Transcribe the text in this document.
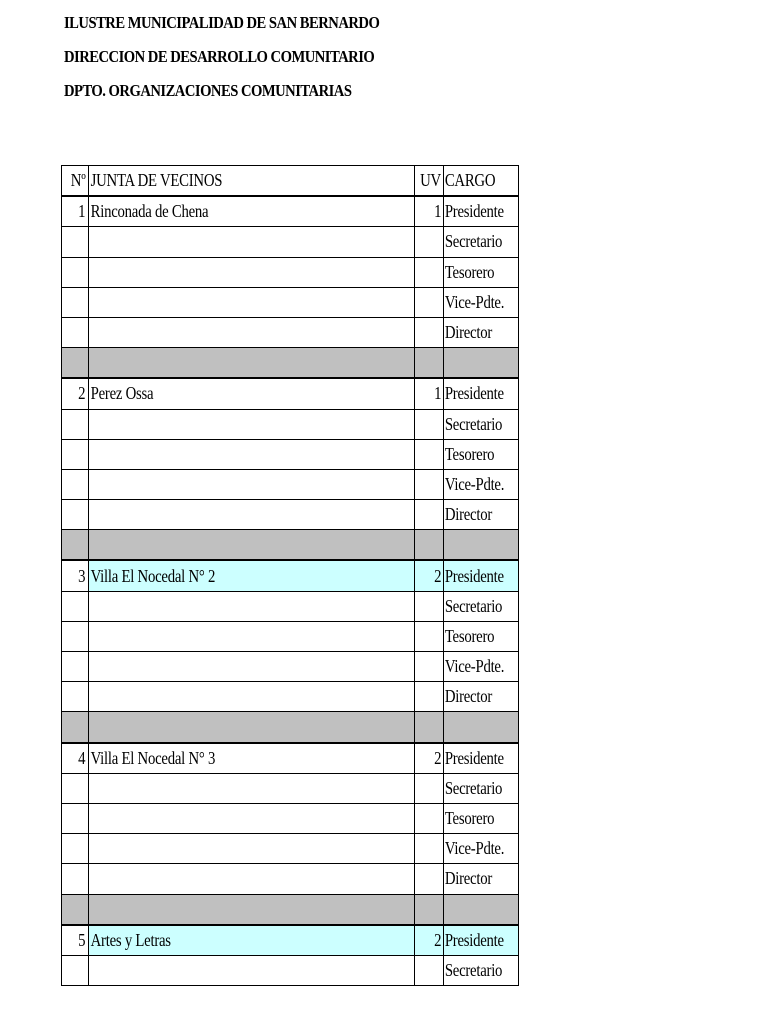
ILUSTRE MUNICIPALIDAD DE SAN BERNARDO
DIRECCION DE DESARROLLO COMUNITARIO
DPTO. ORGANIZACIONES COMUNITARIAS
Nº	JUNTA DE VECINOS	UV	CARGO
1	Rinconada de Chena	1	Presidente
			Secretario
			Tesorero
			Vice-Pdte.
			Director

2	Perez Ossa	1	Presidente
			Secretario
			Tesorero
			Vice-Pdte.
			Director

3	Villa El Nocedal N° 2	2	Presidente
			Secretario
			Tesorero
			Vice-Pdte.
			Director

4	Villa El Nocedal N° 3	2	Presidente
			Secretario
			Tesorero
			Vice-Pdte.
			Director

5	Artes y Letras	2	Presidente
			Secretario
